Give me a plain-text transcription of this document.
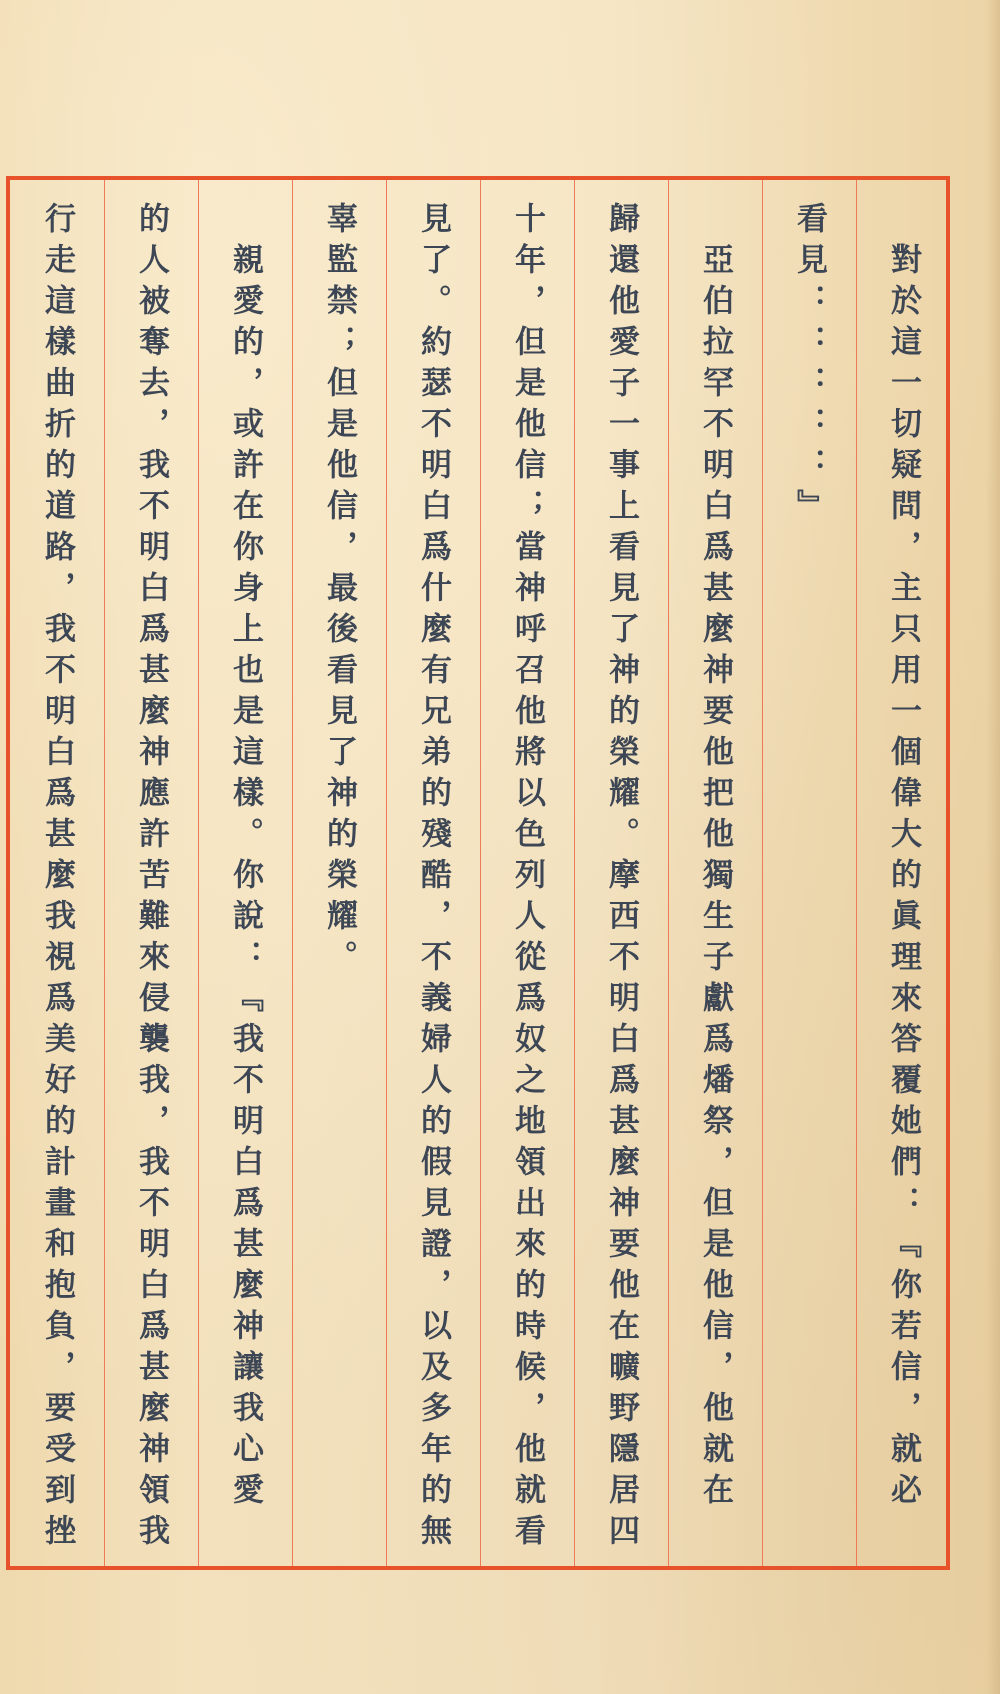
　對於這一切疑問，主只用一個偉大的眞理來答覆她們：『你若信，就必
看見：：：：：』
　亞伯拉罕不明白爲甚麼神要他把他獨生子獻爲燔祭，但是他信，他就在
歸還他愛子一事上看見了神的榮耀。摩西不明白爲甚麼神要他在曠野隱居四
十年，但是他信；當神呼召他將以色列人從爲奴之地領出來的時候，他就看
見了。約瑟不明白爲什麼有兄弟的殘酷，不義婦人的假見證，以及多年的無
辜監禁；但是他信，最後看見了神的榮耀。
　親愛的，或許在你身上也是這樣。你說：『我不明白爲甚麼神讓我心愛
的人被奪去，我不明白爲甚麼神應許苦難來侵襲我，我不明白爲甚麼神領我
行走這樣曲折的道路，我不明白爲甚麼我視爲美好的計畫和抱負，要受到挫
